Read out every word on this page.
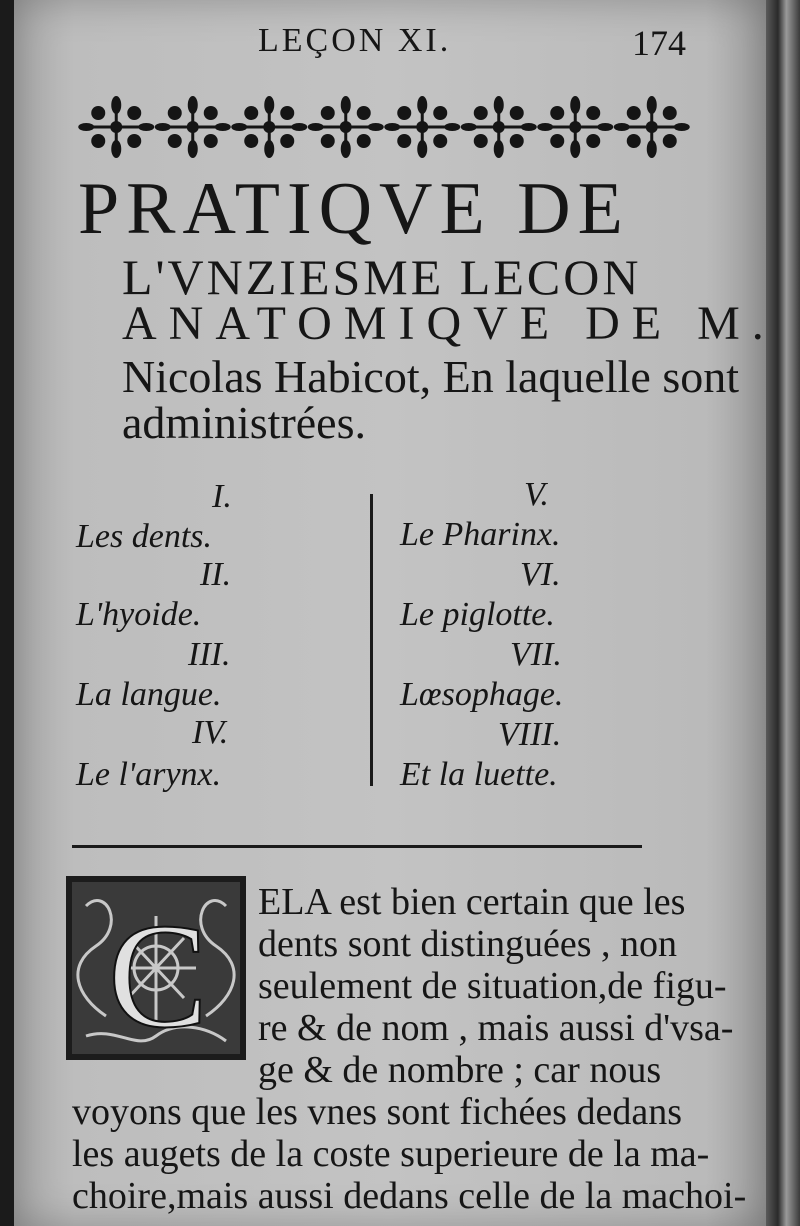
LEÇON XI.	174
PRATIQVE DE
L'VNZIESME LECON
ANATOMIQVE DE M.
Nicolas Habicot, En laquelle sont
administrées.
I.
Les dents.
II.
L'hyoide.
III.
La langue.
IV.
Le l'arynx.
V.
Le Pharinx.
VI.
Le piglotte.
VII.
Lœsophage.
VIII.
Et la luette.
C ELA est bien certain que les
dents sont distinguées , non
seulement de situation,de figu-
re & de nom , mais aussi d'vsa-
ge & de nombre ; car nous
voyons que les vnes sont fichées dedans
les augets de la coste superieure de la ma-
choire,mais aussi dedans celle de la machoi-
